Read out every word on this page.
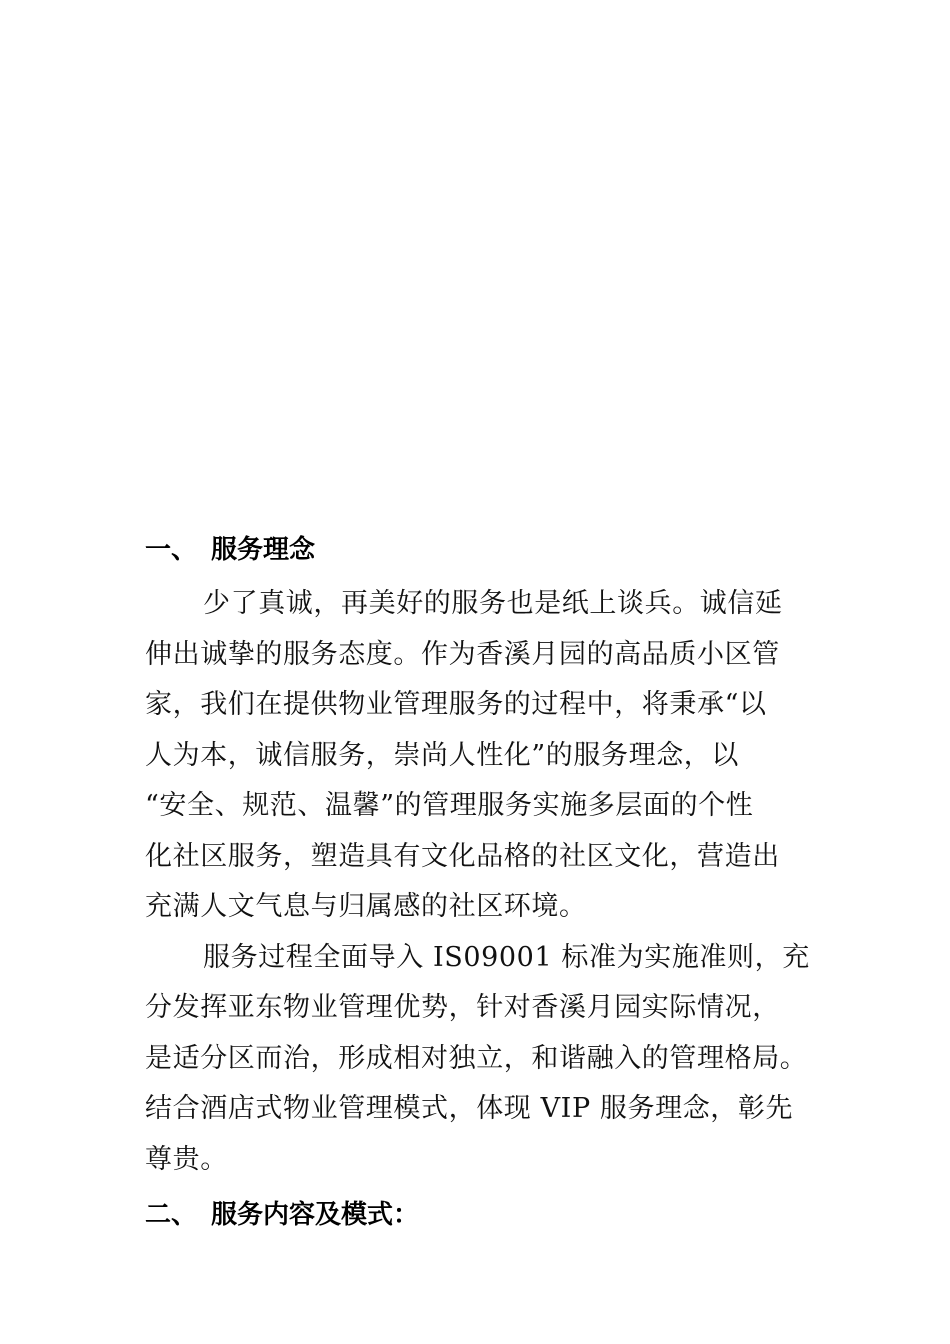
一、 服务理念
少了真诚，再美好的服务也是纸上谈兵。诚信延
伸出诚挚的服务态度。作为香溪月园的高品质小区管
家，我们在提供物业管理服务的过程中，将秉承“以
人为本，诚信服务，崇尚人性化”的服务理念，以
“安全、规范、温馨”的管理服务实施多层面的个性
化社区服务，塑造具有文化品格的社区文化，营造出
充满人文气息与归属感的社区环境。
服务过程全面导入 IS09001 标准为实施准则，充
分发挥亚东物业管理优势，针对香溪月园实际情况，
是适分区而治，形成相对独立，和谐融入的管理格局。
结合酒店式物业管理模式，体现 VIP 服务理念，彰先
尊贵。
二、 服务内容及模式：
